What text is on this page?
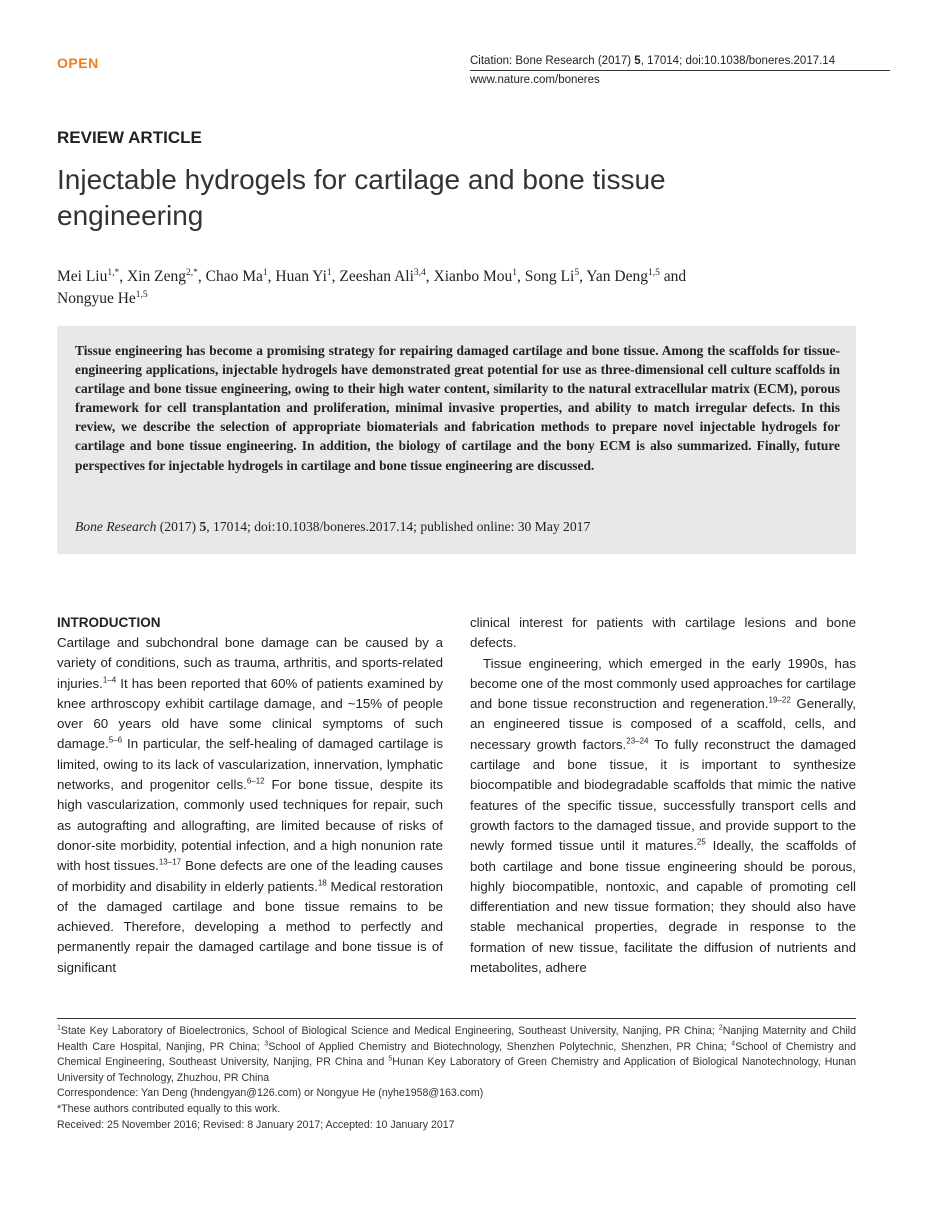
OPEN	Citation: Bone Research (2017) 5, 17014; doi:10.1038/boneres.2017.14
www.nature.com/boneres
REVIEW ARTICLE
Injectable hydrogels for cartilage and bone tissue engineering
Mei Liu$^{1,*}$, Xin Zeng$^{2,*}$, Chao Ma$^1$, Huan Yi$^1$, Zeeshan Ali$^{3,4}$, Xianbo Mou$^1$, Song Li$^5$, Yan Deng$^{1,5}$ and
Nongyue He$^{1,5}$
Tissue engineering has become a promising strategy for repairing damaged cartilage and bone tissue. Among the scaffolds for tissue-engineering applications, injectable hydrogels have demonstrated great potential for use as three-dimensional cell culture scaffolds in cartilage and bone tissue engineering, owing to their high water content, similarity to the natural extracellular matrix (ECM), porous framework for cell transplantation and proliferation, minimal invasive properties, and ability to match irregular defects. In this review, we describe the selection of appropriate biomaterials and fabrication methods to prepare novel injectable hydrogels for cartilage and bone tissue engineering. In addition, the biology of cartilage and the bony ECM is also summarized. Finally, future perspectives for injectable hydrogels in cartilage and bone tissue engineering are discussed.
Bone Research (2017) 5, 17014; doi:10.1038/boneres.2017.14; published online: 30 May 2017
INTRODUCTION

Cartilage and subchondral bone damage can be caused by a variety of conditions, such as trauma, arthritis, and sports-related injuries.$^{1-4}$ It has been reported that 60% of patients examined by knee arthroscopy exhibit cartilage damage, and ~15% of people over 60 years old have some clinical symptoms of such damage.$^{5-6}$ In particular, the self-healing of damaged cartilage is limited, owing to its lack of vascularization, innervation, lymphatic networks, and progenitor cells.$^{6-12}$ For bone tissue, despite its high vascularization, commonly used techniques for repair, such as autografting and allografting, are limited because of risks of donor-site morbidity, potential infection, and a high nonunion rate with host tissues.$^{13-17}$ Bone defects are one of the leading causes of morbidity and disability in elderly patients.$^{18}$ Medical restoration of the damaged cartilage and bone tissue remains to be achieved. Therefore, developing a method to perfectly and permanently repair the damaged cartilage and bone tissue is of significant

clinical interest for patients with cartilage lesions and bone defects.

Tissue engineering, which emerged in the early 1990s, has become one of the most commonly used approaches for cartilage and bone tissue reconstruction and regeneration.$^{19-22}$ Generally, an engineered tissue is composed of a scaffold, cells, and necessary growth factors.$^{23-24}$ To fully reconstruct the damaged cartilage and bone tissue, it is important to synthesize biocompatible and biodegradable scaffolds that mimic the native features of the specific tissue, successfully transport cells and growth factors to the damaged tissue, and provide support to the newly formed tissue until it matures.$^{25}$ Ideally, the scaffolds of both cartilage and bone tissue engineering should be porous, highly biocompatible, nontoxic, and capable of promoting cell differentiation and new tissue formation; they should also have stable mechanical properties, degrade in response to the formation of new tissue, facilitate the diffusion of nutrients and metabolites, adhere

$^1$State Key Laboratory of Bioelectronics, School of Biological Science and Medical Engineering, Southeast University, Nanjing, PR China; $^2$Nanjing Maternity and Child Health Care Hospital, Nanjing, PR China; $^3$School of Applied Chemistry and Biotechnology, Shenzhen Polytechnic, Shenzhen, PR China; $^4$School of Chemistry and Chemical Engineering, Southeast University, Nanjing, PR China and $^5$Hunan Key Laboratory of Green Chemistry and Application of Biological Nanotechnology, Hunan University of Technology, Zhuzhou, PR China

Correspondence: Yan Deng (hndengyan@126.com) or Nongyue He (nyhe1958@163.com)

*These authors contributed equally to this work.

Received: 25 November 2016; Revised: 8 January 2017; Accepted: 10 January 2017
